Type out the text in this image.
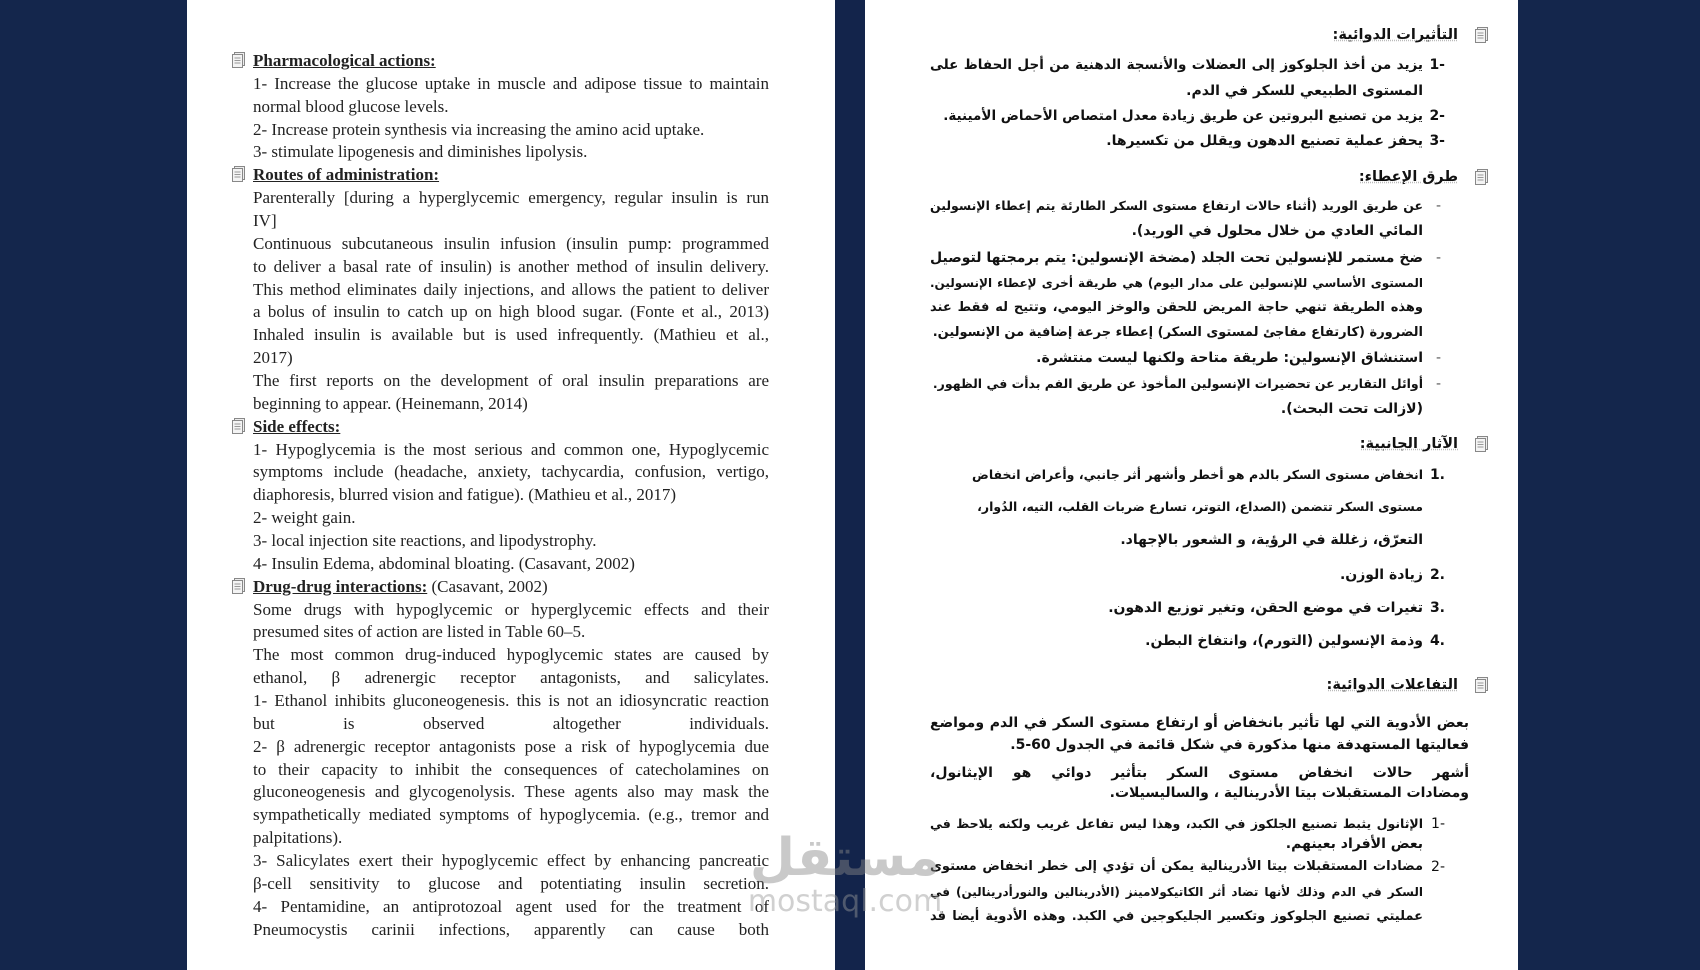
Pharmacological actions:
1- Increase the glucose uptake in muscle and adipose tissue to maintain
normal blood glucose levels.
2- Increase protein synthesis via increasing the amino acid uptake.
3- stimulate lipogenesis and diminishes lipolysis.
Routes of administration:
Parenterally [during a hyperglycemic emergency, regular insulin is run
IV]
Continuous subcutaneous insulin infusion (insulin pump: programmed
to deliver a basal rate of insulin) is another method of insulin delivery.
This method eliminates daily injections, and allows the patient to deliver
a bolus of insulin to catch up on high blood sugar. (Fonte et al., 2013)
Inhaled insulin is available but is used infrequently. (Mathieu et al.,
2017)
The first reports on the development of oral insulin preparations are
beginning to appear. (Heinemann, 2014)
Side effects:
1- Hypoglycemia is the most serious and common one, Hypoglycemic
symptoms include (headache, anxiety, tachycardia, confusion, vertigo,
diaphoresis, blurred vision and fatigue). (Mathieu et al., 2017)
2- weight gain.
3- local injection site reactions, and lipodystrophy.
4- Insulin Edema, abdominal bloating. (Casavant, 2002)
Drug-drug interactions: (Casavant, 2002)
Some drugs with hypoglycemic or hyperglycemic effects and their
presumed sites of action are listed in Table 60–5.
The most common drug-induced hypoglycemic states are caused by
ethanol, β adrenergic receptor antagonists, and salicylates.
1- Ethanol inhibits gluconeogenesis. this is not an idiosyncratic reaction
but is observed altogether individuals.
2- β adrenergic receptor antagonists pose a risk of hypoglycemia due
to their capacity to inhibit the consequences of catecholamines on
gluconeogenesis and glycogenolysis. These agents also may mask the
sympathetically mediated symptoms of hypoglycemia. (e.g., tremor and
palpitations).
3- Salicylates exert their hypoglycemic effect by enhancing pancreatic
β-cell sensitivity to glucose and potentiating insulin secretion.
4- Pentamidine, an antiprotozoal agent used for the treatment of
Pneumocystis carinii infections, apparently can cause both
التأثيرات الدوائية:
1-
يزيد من أخذ الجلوكوز إلى العضلات والأنسجة الدهنية من أجل الحفاظ على
المستوى الطبيعي للسكر في الدم.
2-
يزيد من تصنيع البروتين عن طريق زيادة معدل امتصاص الأحماض الأمينية.
3-
يحفز عملية تصنيع الدهون ويقلل من تكسيرها.
طرق الإعطاء:
-
عن طريق الوريد (أثناء حالات ارتفاع مستوى السكر الطارئة يتم إعطاء الإنسولين
المائي العادي من خلال محلول في الوريد).
-
ضخ مستمر للإنسولين تحت الجلد (مضخة الإنسولين: يتم برمجتها لتوصيل
المستوى الأساسي للإنسولين على مدار اليوم) هي طريقة أخرى لإعطاء الإنسولين.
وهذه الطريقة تنهي حاجة المريض للحقن والوخز اليومي، وتتيح له فقط عند
الضرورة (كارتفاع مفاجئ لمستوى السكر) إعطاء جرعة إضافية من الإنسولين.
-
استنشاق الإنسولين: طريقة متاحة ولكنها ليست منتشرة.
-
أوائل التقارير عن تحضيرات الإنسولين المأخوذ عن طريق الفم بدأت في الظهور.
(لازالت تحت البحث).
الآثار الجانبية:
1.
انخفاض مستوى السكر بالدم هو أخطر وأشهر أثر جانبي، وأعراض انخفاض
مستوى السكر تتضمن (الصداع، التوتر، تسارع ضربات القلب، التيه، الدُوار،
التعرّق، زغللة في الرؤية، و الشعور بالإجهاد.
2.
زيادة الوزن.
3.
تغيرات في موضع الحقن، وتغير توزيع الدهون.
4.
وذمة الإنسولين (التورم)، وانتفاخ البطن.
التفاعلات الدوائية:
بعض الأدوية التي لها تأثير بانخفاض أو ارتفاع مستوى السكر في الدم ومواضع
فعاليتها المستهدفة منها مذكورة في شكل قائمة في الجدول 60-5.
أشهر حالات انخفاض مستوى السكر بتأثير دوائي هو الإيثانول،
ومضادات المستقبلات بيتا الأدرينالية ، والساليسيلات.
1-
الإثانول يثبط تصنيع الجلكوز في الكبد، وهذا ليس تفاعل غريب ولكنه يلاحظ في
بعض الأفراد بعينهم.
2-
مضادات المستقبلات بيتا الأدرينالية يمكن أن تؤدي إلى خطر انخفاض مستوى
السكر في الدم وذلك لأنها تضاد أثر الكاتيكولامينز (الأدرينالين والنورأدرينالين) في
عمليتي تصنيع الجلوكوز وتكسير الجليكوجين في الكبد. وهذه الأدوية أيضا قد
مستقل
mostaql.com
